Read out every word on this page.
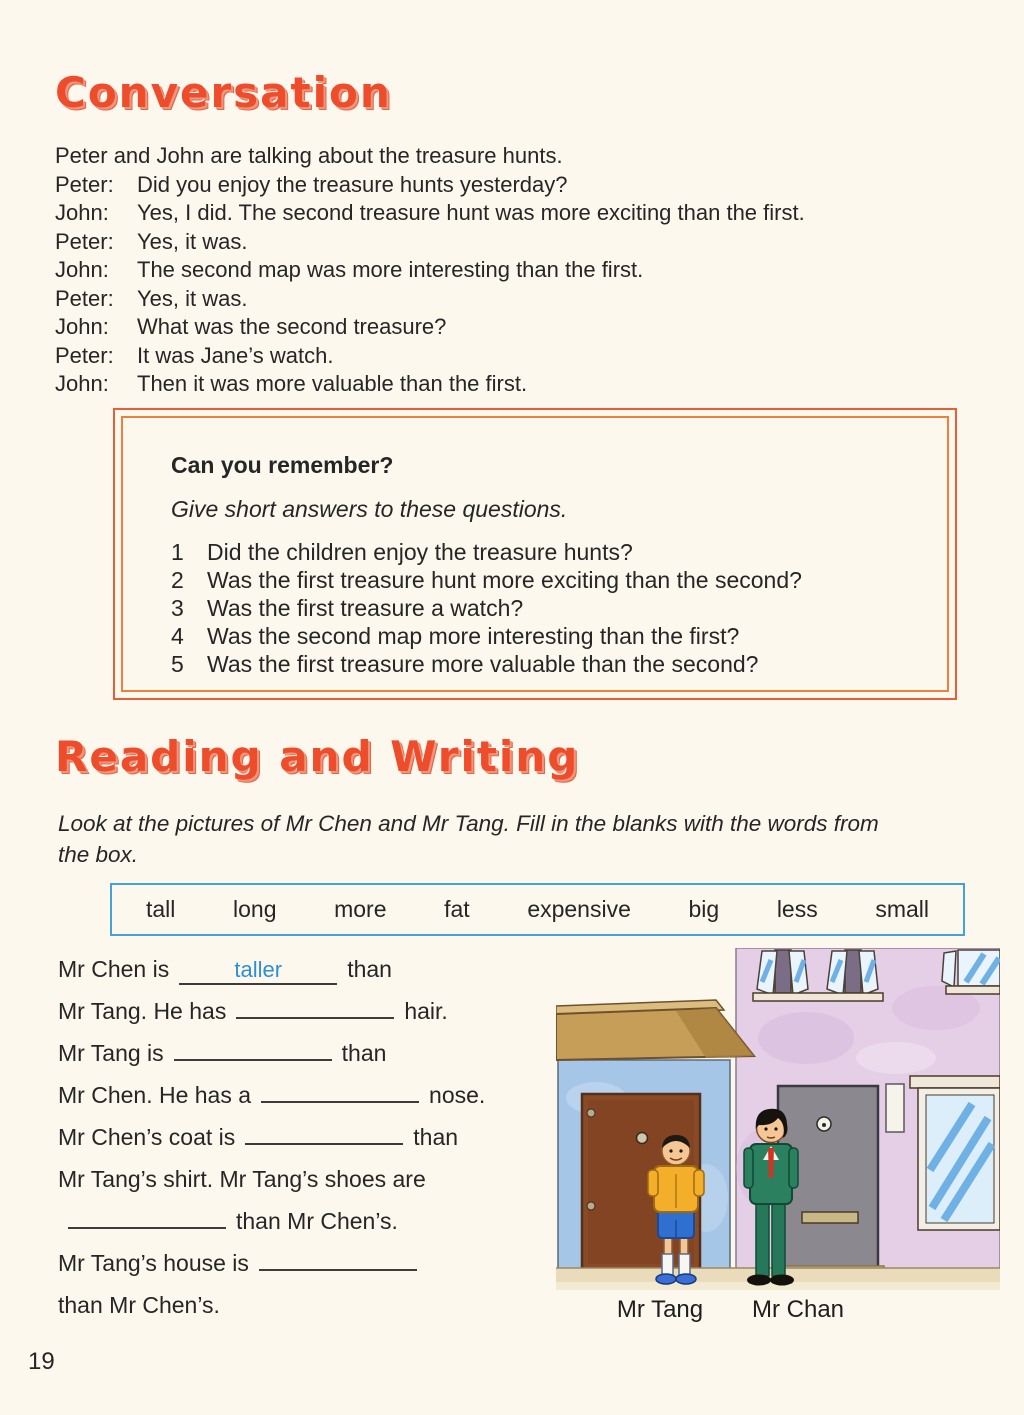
Conversation

Peter and John are talking about the treasure hunts.

Peter:	Did you enjoy the treasure hunts yesterday?
John:	Yes, I did. The second treasure hunt was more exciting than the first.
Peter:	Yes, it was.
John:	The second map was more interesting than the first.
Peter:	Yes, it was.
John:	What was the second treasure?
Peter:	It was Jane’s watch.
John:	Then it was more valuable than the first.

Can you remember?

Give short answers to these questions.

1	Did the children enjoy the treasure hunts?
2	Was the first treasure hunt more exciting than the second?
3	Was the first treasure a watch?
4	Was the second map more interesting than the first?
5	Was the first treasure more valuable than the second?
Reading and Writing

Look at the pictures of Mr Chen and Mr Tang. Fill in the blanks with the words from the box.

tall	long	more	fat	expensive	big	less	small
Mr Chen is	taller	than
Mr Tang. He has	hair.
Mr Tang is	than
Mr Chen. He has a	nose.
Mr Chen’s coat is	than
Mr Tang’s shirt. Mr Tang’s shoes are
than Mr Chen’s.
Mr Tang’s house is
than Mr Chen’s.	Mr Tang	Mr Chan
19
